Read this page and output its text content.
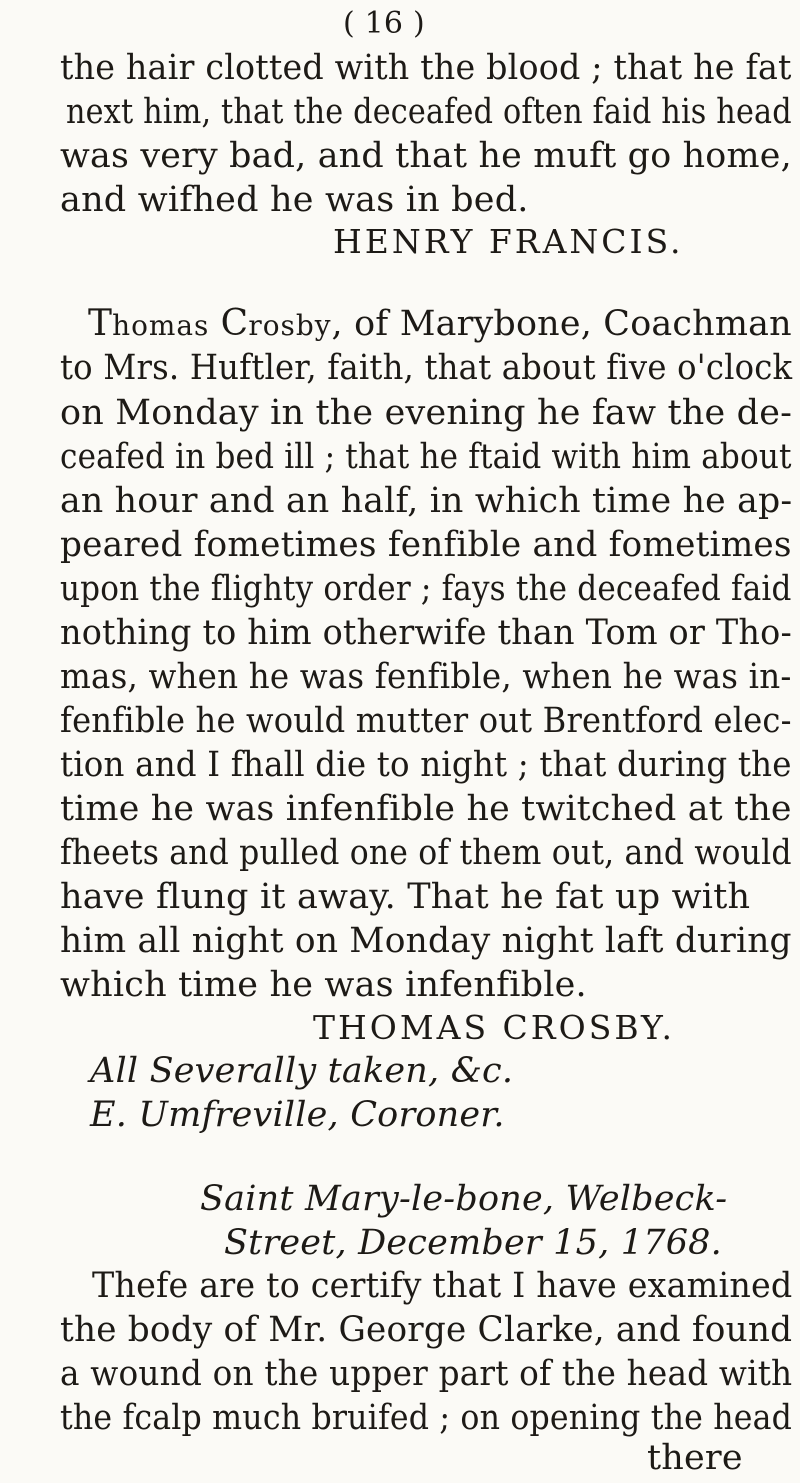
( 16 )
the hair clotted with the blood ; that he fat
next him, that the deceafed often faid his head
was very bad, and that he muft go home,
and wifhed he was in bed.
HENRY FRANCIS.
Thomas Crosby, of Marybone, Coachman
to Mrs. Huftler, faith, that about five o'clock
on Monday in the evening he faw the de-
ceafed in bed ill ; that he ftaid with him about
an hour and an half, in which time he ap-
peared fometimes fenfible and fometimes
upon the flighty order ; fays the deceafed faid
nothing to him otherwife than Tom or Tho-
mas, when he was fenfible, when he was in-
fenfible he would mutter out Brentford elec-
tion and I fhall die to night ; that during the
time he was infenfible he twitched at the
fheets and pulled one of them out, and would
have flung it away. That he fat up with
him all night on Monday night laft during
which time he was infenfible.
THOMAS CROSBY.
All Severally taken, &c.
E. Umfreville, Coroner.
Saint Mary-le-bone, Welbeck-
Street, December 15, 1768.
Thefe are to certify that I have examined
the body of Mr. George Clarke, and found
a wound on the upper part of the head with
the fcalp much bruifed ; on opening the head
there
